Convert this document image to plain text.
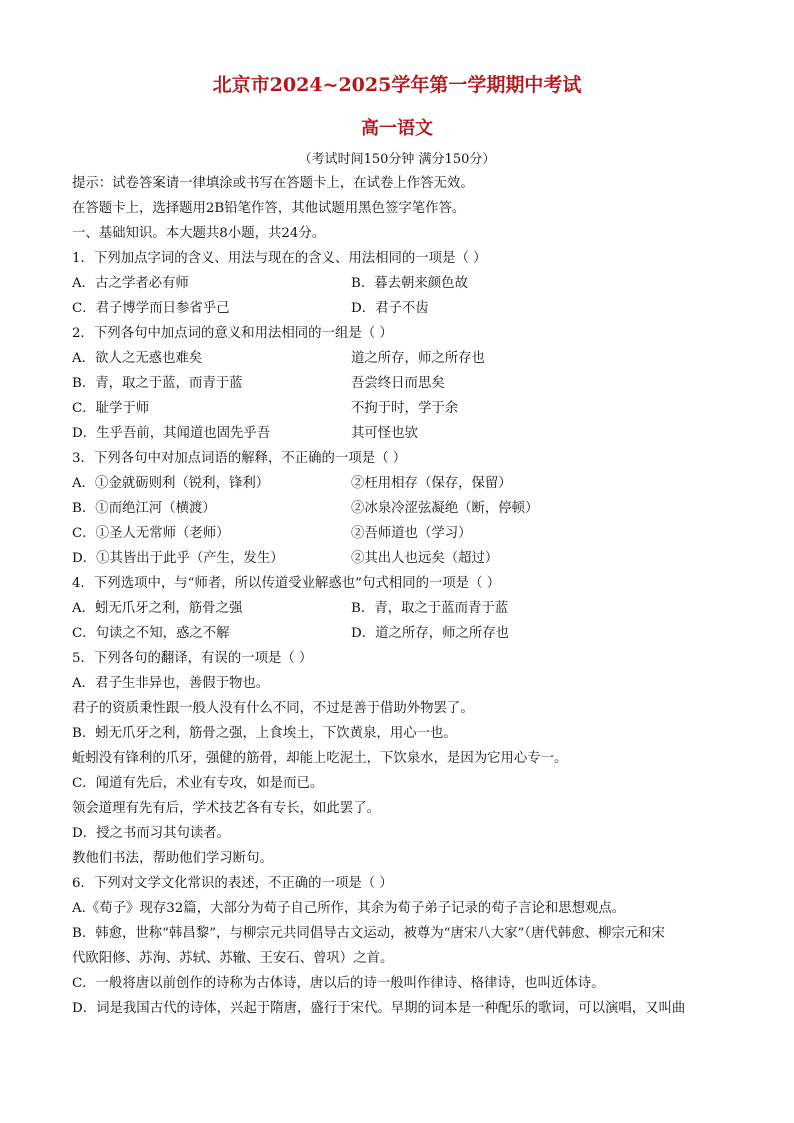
北京市2024~2025学年第一学期期中考试
高一语文
（考试时间150分钟 满分150分）
提示：试卷答案请一律填涂或书写在答题卡上，在试卷上作答无效。
在答题卡上，选择题用2B铅笔作答，其他试题用黑色签字笔作答。
一、基础知识。本大题共8小题，共24分。
1．下列加点字词的含义、用法与现在的含义、用法相同的一项是（ ）
A．古之学者必有师	B．暮去朝来颜色故
C．君子博学而日参省乎己	D．君子不齿
2．下列各句中加点词的意义和用法相同的一组是（ ）
A．欲人之无惑也难矣	道之所存，师之所存也
B．青，取之于蓝，而青于蓝	吾尝终日而思矣
C．耻学于师	不拘于时，学于余
D．生乎吾前，其闻道也固先乎吾	其可怪也欤
3．下列各句中对加点词语的解释，不正确的一项是（ ）
A．①金就砺则利（锐利，锋利）	②枉用相存（保存，保留）
B．①而绝江河（横渡）	②冰泉冷涩弦凝绝（断，停顿）
C．①圣人无常师（老师）	②吾师道也（学习）
D．①其皆出于此乎（产生，发生）	②其出人也远矣（超过）
4．下列选项中，与“师者，所以传道受业解惑也”句式相同的一项是（ ）
A．蚓无爪牙之利，筋骨之强	B．青，取之于蓝而青于蓝
C．句读之不知，惑之不解	D．道之所存，师之所存也
5．下列各句的翻译，有误的一项是（ ）
A．君子生非异也，善假于物也。
君子的资质秉性跟一般人没有什么不同，不过是善于借助外物罢了。
B．蚓无爪牙之利，筋骨之强，上食埃土，下饮黄泉，用心一也。
蚯蚓没有锋利的爪牙，强健的筋骨，却能上吃泥土，下饮泉水，是因为它用心专一。
C．闻道有先后，术业有专攻，如是而已。
领会道理有先有后，学术技艺各有专长，如此罢了。
D．授之书而习其句读者。
教他们书法，帮助他们学习断句。
6．下列对文学文化常识的表述，不正确的一项是（ ）
A.《荀子》现存32篇，大部分为荀子自己所作，其余为荀子弟子记录的荀子言论和思想观点。
B．韩愈，世称“韩昌黎”，与柳宗元共同倡导古文运动，被尊为“唐宋八大家”（唐代韩愈、柳宗元和宋
代欧阳修、苏洵、苏轼、苏辙、王安石、曾巩）之首。
C．一般将唐以前创作的诗称为古体诗，唐以后的诗一般叫作律诗、格律诗，也叫近体诗。
D．词是我国古代的诗体，兴起于隋唐，盛行于宋代。早期的词本是一种配乐的歌词，可以演唱，又叫曲
